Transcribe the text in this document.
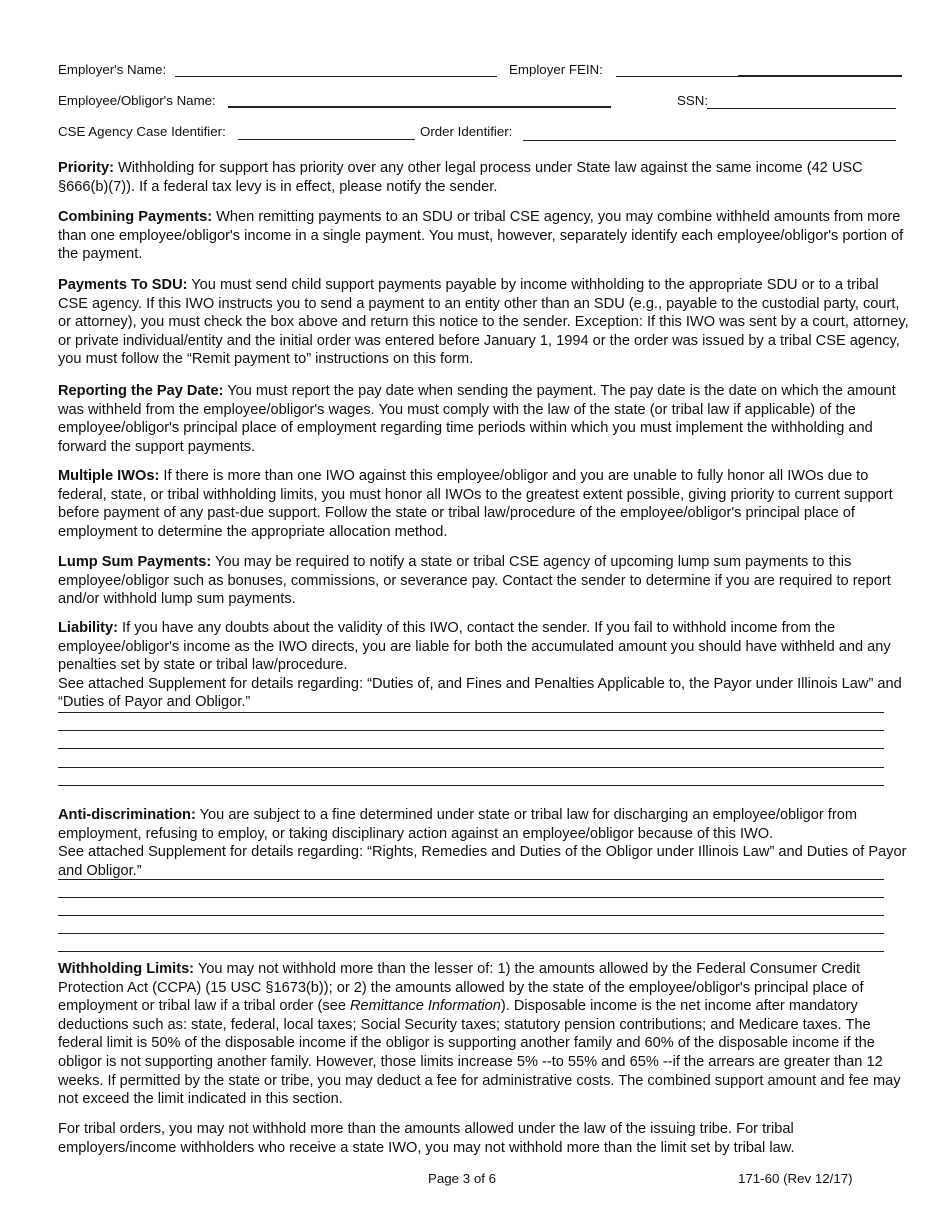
Employer's Name:	Employer FEIN:
Employee/Obligor's Name:	SSN:
CSE Agency Case Identifier:	Order Identifier:
Priority: Withholding for support has priority over any other legal process under State law against the same income (42 USC §666(b)(7)). If a federal tax levy is in effect, please notify the sender.
Combining Payments: When remitting payments to an SDU or tribal CSE agency, you may combine withheld amounts from more than one employee/obligor's income in a single payment. You must, however, separately identify each employee/obligor's portion of the payment.
Payments To SDU: You must send child support payments payable by income withholding to the appropriate SDU or to a tribal CSE agency. If this IWO instructs you to send a payment to an entity other than an SDU (e.g., payable to the custodial party, court, or attorney), you must check the box above and return this notice to the sender. Exception: If this IWO was sent by a court, attorney, or private individual/entity and the initial order was entered before January 1, 1994 or the order was issued by a tribal CSE agency, you must follow the “Remit payment to” instructions on this form.
Reporting the Pay Date: You must report the pay date when sending the payment. The pay date is the date on which the amount was withheld from the employee/obligor's wages. You must comply with the law of the state (or tribal law if applicable) of the employee/obligor's principal place of employment regarding time periods within which you must implement the withholding and forward the support payments.
Multiple IWOs: If there is more than one IWO against this employee/obligor and you are unable to fully honor all IWOs due to federal, state, or tribal withholding limits, you must honor all IWOs to the greatest extent possible, giving priority to current support before payment of any past-due support. Follow the state or tribal law/procedure of the employee/obligor's principal place of employment to determine the appropriate allocation method.
Lump Sum Payments: You may be required to notify a state or tribal CSE agency of upcoming lump sum payments to this employee/obligor such as bonuses, commissions, or severance pay. Contact the sender to determine if you are required to report and/or withhold lump sum payments.
Liability: If you have any doubts about the validity of this IWO, contact the sender. If you fail to withhold income from the employee/obligor's income as the IWO directs, you are liable for both the accumulated amount you should have withheld and any penalties set by state or tribal law/procedure.
See attached Supplement for details regarding: “Duties of, and Fines and Penalties Applicable to, the Payor under Illinois Law” and “Duties of Payor and Obligor.”
Anti-discrimination: You are subject to a fine determined under state or tribal law for discharging an employee/obligor from employment, refusing to employ, or taking disciplinary action against an employee/obligor because of this IWO.
See attached Supplement for details regarding: “Rights, Remedies and Duties of the Obligor under Illinois Law” and Duties of Payor and Obligor.”
Withholding Limits: You may not withhold more than the lesser of: 1) the amounts allowed by the Federal Consumer Credit Protection Act (CCPA) (15 USC §1673(b)); or 2) the amounts allowed by the state of the employee/obligor's principal place of employment or tribal law if a tribal order (see Remittance Information). Disposable income is the net income after mandatory deductions such as: state, federal, local taxes; Social Security taxes; statutory pension contributions; and Medicare taxes. The federal limit is 50% of the disposable income if the obligor is supporting another family and 60% of the disposable income if the obligor is not supporting another family. However, those limits increase 5% --to 55% and 65% --if the arrears are greater than 12 weeks. If permitted by the state or tribe, you may deduct a fee for administrative costs. The combined support amount and fee may not exceed the limit indicated in this section.
For tribal orders, you may not withhold more than the amounts allowed under the law of the issuing tribe. For tribal employers/income withholders who receive a state IWO, you may not withhold more than the limit set by tribal law.
Page 3 of 6	171-60 (Rev 12/17)
